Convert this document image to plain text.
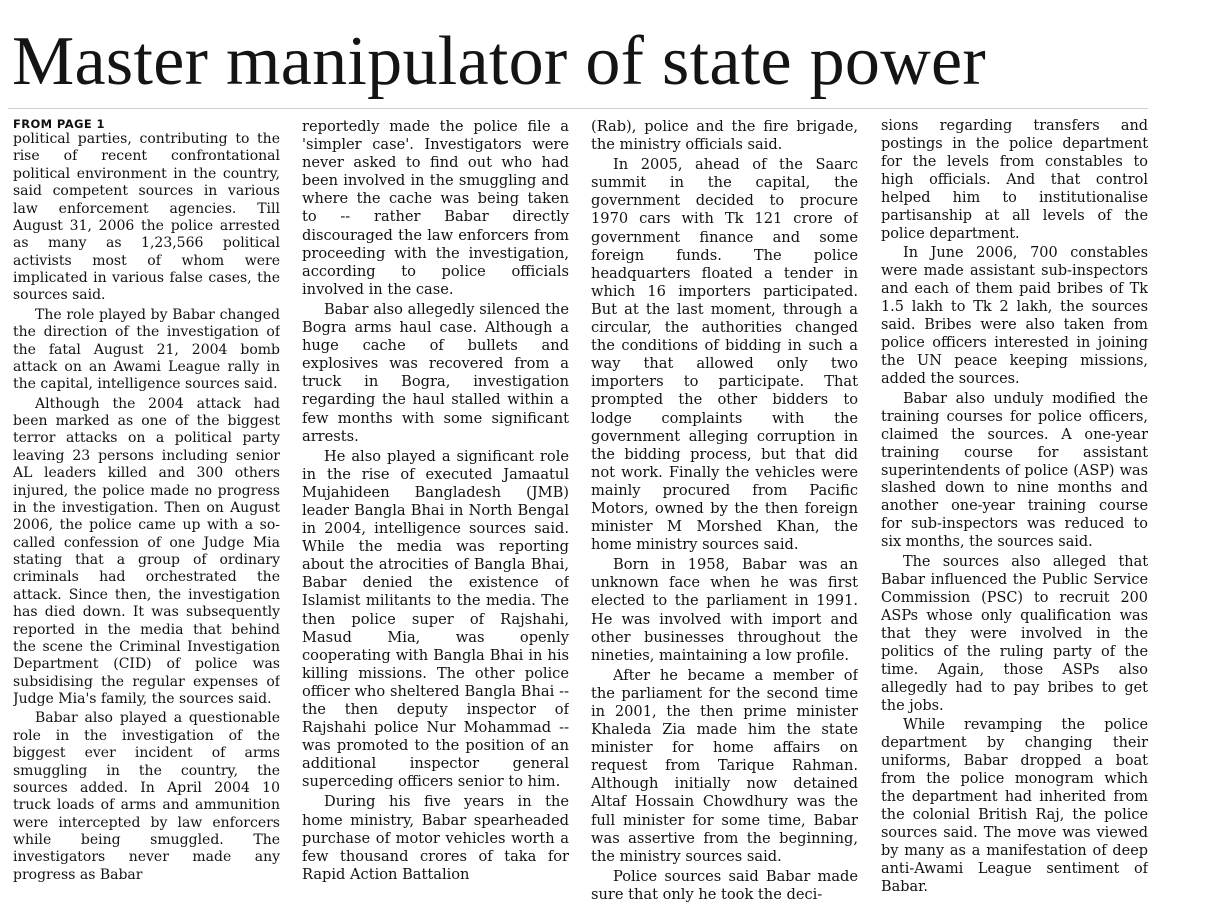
Master manipulator of state power
FROM PAGE 1

political parties, contributing to the rise of recent confrontational political environment in the country, said competent sources in various law enforcement agencies. Till August 31, 2006 the police arrested as many as 1,23,566 political activists most of whom were implicated in various false cases, the sources said.

The role played by Babar changed the direction of the investigation of the fatal August 21, 2004 bomb attack on an Awami League rally in the capital, intelligence sources said.

Although the 2004 attack had been marked as one of the biggest terror attacks on a political party leaving 23 persons including senior AL leaders killed and 300 others injured, the police made no progress in the investigation. Then on August 2006, the police came up with a so-called confession of one Judge Mia stating that a group of ordinary criminals had orchestrated the attack. Since then, the investigation has died down. It was subsequently reported in the media that behind the scene the Criminal Investigation Department (CID) of police was subsidising the regular expenses of Judge Mia's family, the sources said.

Babar also played a questionable role in the investigation of the biggest ever incident of arms smuggling in the country, the sources added. In April 2004 10 truck loads of arms and ammunition were intercepted by law enforcers while being smuggled. The investigators never made any progress as Babar

reportedly made the police file a 'simpler case'. Investigators were never asked to find out who had been involved in the smuggling and where the cache was being taken to -- rather Babar directly discouraged the law enforcers from proceeding with the investigation, according to police officials involved in the case.

Babar also allegedly silenced the Bogra arms haul case. Although a huge cache of bullets and explosives was recovered from a truck in Bogra, investigation regarding the haul stalled within a few months with some significant arrests.

He also played a significant role in the rise of executed Jamaatul Mujahideen Bangladesh (JMB) leader Bangla Bhai in North Bengal in 2004, intelligence sources said. While the media was reporting about the atrocities of Bangla Bhai, Babar denied the existence of Islamist militants to the media. The then police super of Rajshahi, Masud Mia, was openly cooperating with Bangla Bhai in his killing missions. The other police officer who sheltered Bangla Bhai -- the then deputy inspector of Rajshahi police Nur Mohammad -- was promoted to the position of an additional inspector general superceding officers senior to him.

During his five years in the home ministry, Babar spearheaded purchase of motor vehicles worth a few thousand crores of taka for Rapid Action Battalion

(Rab), police and the fire brigade, the ministry officials said.

In 2005, ahead of the Saarc summit in the capital, the government decided to procure 1970 cars with Tk 121 crore of government finance and some foreign funds. The police headquarters floated a tender in which 16 importers participated. But at the last moment, through a circular, the authorities changed the conditions of bidding in such a way that allowed only two importers to participate. That prompted the other bidders to lodge complaints with the government alleging corruption in the bidding process, but that did not work. Finally the vehicles were mainly procured from Pacific Motors, owned by the then foreign minister M Morshed Khan, the home ministry sources said.

Born in 1958, Babar was an unknown face when he was first elected to the parliament in 1991. He was involved with import and other businesses throughout the nineties, maintaining a low profile.

After he became a member of the parliament for the second time in 2001, the then prime minister Khaleda Zia made him the state minister for home affairs on request from Tarique Rahman. Although initially now detained Altaf Hossain Chowdhury was the full minister for some time, Babar was assertive from the beginning, the ministry sources said.

Police sources said Babar made sure that only he took the deci-

sions regarding transfers and postings in the police department for the levels from constables to high officials. And that control helped him to institutionalise partisanship at all levels of the police department.

In June 2006, 700 constables were made assistant sub-inspectors and each of them paid bribes of Tk 1.5 lakh to Tk 2 lakh, the sources said. Bribes were also taken from police officers interested in joining the UN peace keeping missions, added the sources.

Babar also unduly modified the training courses for police officers, claimed the sources. A one-year training course for assistant superintendents of police (ASP) was slashed down to nine months and another one-year training course for sub-inspectors was reduced to six months, the sources said.

The sources also alleged that Babar influenced the Public Service Commission (PSC) to recruit 200 ASPs whose only qualification was that they were involved in the politics of the ruling party of the time. Again, those ASPs also allegedly had to pay bribes to get the jobs.

While revamping the police department by changing their uniforms, Babar dropped a boat from the police monogram which the department had inherited from the colonial British Raj, the police sources said. The move was viewed by many as a manifestation of deep anti-Awami League sentiment of Babar.
